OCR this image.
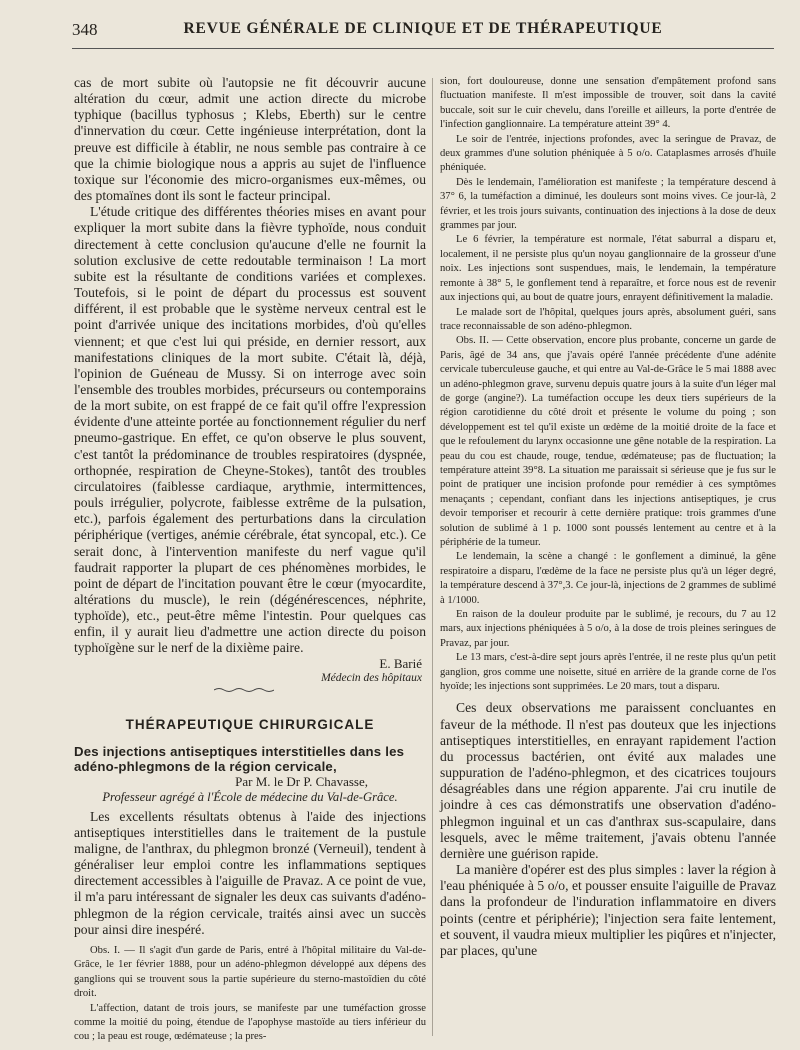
348	REVUE GÉNÉRALE DE CLINIQUE ET DE THÉRAPEUTIQUE

cas de mort subite où l'autopsie ne fit découvrir aucune altération du cœur, admit une action directe du microbe typhique (bacillus typhosus ; Klebs, Eberth) sur le centre d'innervation du cœur. Cette ingénieuse interprétation, dont la preuve est difficile à établir, ne nous semble pas contraire à ce que la chimie biologique nous a appris au sujet de l'influence toxique sur l'économie des micro-organismes eux-mêmes, ou des ptomaïnes dont ils sont le facteur principal.

L'étude critique des différentes théories mises en avant pour expliquer la mort subite dans la fièvre typhoïde, nous conduit directement à cette conclusion qu'aucune d'elle ne fournit la solution exclusive de cette redoutable terminaison ! La mort subite est la résultante de conditions variées et complexes. Toutefois, si le point de départ du processus est souvent différent, il est probable que le système nerveux central est le point d'arrivée unique des incitations morbides, d'où qu'elles viennent; et que c'est lui qui préside, en dernier ressort, aux manifestations cliniques de la mort subite. C'était là, déjà, l'opinion de Guéneau de Mussy. Si on interroge avec soin l'ensemble des troubles morbides, précurseurs ou contemporains de la mort subite, on est frappé de ce fait qu'il offre l'expression évidente d'une atteinte portée au fonctionnement régulier du nerf pneumo-gastrique. En effet, ce qu'on observe le plus souvent, c'est tantôt la prédominance de troubles respiratoires (dyspnée, orthopnée, respiration de Cheyne-Stokes), tantôt des troubles circulatoires (faiblesse cardiaque, arythmie, intermittences, pouls irrégulier, polycrote, faiblesse extrême de la pulsation, etc.), parfois également des perturbations dans la circulation périphérique (vertiges, anémie cérébrale, état syncopal, etc.). Ce serait donc, à l'intervention manifeste du nerf vague qu'il faudrait rapporter la plupart de ces phénomènes morbides, le point de départ de l'incitation pouvant être le cœur (myocardite, altérations du muscle), le rein (dégénérescences, néphrite, typhoïde), etc., peut-être même l'intestin. Pour quelques cas enfin, il y aurait lieu d'admettre une action directe du poison typhoïgène sur le nerf de la dixième paire.

E. Barié
Médecin des hôpitaux
THÉRAPEUTIQUE CHIRURGICALE

Des injections antiseptiques interstitielles dans les adéno-phlegmons de la région cervicale,

Par M. le Dr P. Chavasse,
Professeur agrégé à l'École de médecine du Val-de-Grâce.

Les excellents résultats obtenus à l'aide des injections antiseptiques interstitielles dans le traitement de la pustule maligne, de l'anthrax, du phlegmon bronzé (Verneuil), tendent à généraliser leur emploi contre les inflammations septiques directement accessibles à l'aiguille de Pravaz. A ce point de vue, il m'a paru intéressant de signaler les deux cas suivants d'adéno-phlegmon de la région cervicale, traités ainsi avec un succès pour ainsi dire inespéré.

Obs. I. — Il s'agit d'un garde de Paris, entré à l'hôpital militaire du Val-de-Grâce, le 1er février 1888, pour un adéno-phlegmon développé aux dépens des ganglions qui se trouvent sous la partie supérieure du sterno-mastoïdien du côté droit.

L'affection, datant de trois jours, se manifeste par une tuméfaction grosse comme la moitié du poing, étendue de l'apophyse mastoïde au tiers inférieur du cou ; la peau est rouge, œdémateuse ; la pres-

sion, fort douloureuse, donne une sensation d'empâtement profond sans fluctuation manifeste. Il m'est impossible de trouver, soit dans la cavité buccale, soit sur le cuir chevelu, dans l'oreille et ailleurs, la porte d'entrée de l'infection ganglionnaire. La température atteint 39° 4.

Le soir de l'entrée, injections profondes, avec la seringue de Pravaz, de deux grammes d'une solution phéniquée à 5 o/o. Cataplasmes arrosés d'huile phéniquée.

Dès le lendemain, l'amélioration est manifeste ; la température descend à 37° 6, la tuméfaction a diminué, les douleurs sont moins vives. Ce jour-là, 2 février, et les trois jours suivants, continuation des injections à la dose de deux grammes par jour.

Le 6 février, la température est normale, l'état saburral a disparu et, localement, il ne persiste plus qu'un noyau ganglionnaire de la grosseur d'une noix. Les injections sont suspendues, mais, le lendemain, la température remonte à 38° 5, le gonflement tend à reparaître, et force nous est de revenir aux injections qui, au bout de quatre jours, enrayent définitivement la maladie.

Le malade sort de l'hôpital, quelques jours après, absolument guéri, sans trace reconnaissable de son adéno-phlegmon.

Obs. II. — Cette observation, encore plus probante, concerne un garde de Paris, âgé de 34 ans, que j'avais opéré l'année précédente d'une adénite cervicale tuberculeuse gauche, et qui entre au Val-de-Grâce le 5 mai 1888 avec un adéno-phlegmon grave, survenu depuis quatre jours à la suite d'un léger mal de gorge (angine?). La tuméfaction occupe les deux tiers supérieurs de la région carotidienne du côté droit et présente le volume du poing ; son développement est tel qu'il existe un œdème de la moitié droite de la face et que le refoulement du larynx occasionne une gêne notable de la respiration. La peau du cou est chaude, rouge, tendue, œdémateuse; pas de fluctuation; la température atteint 39°8. La situation me paraissait si sérieuse que je fus sur le point de pratiquer une incision profonde pour remédier à ces symptômes menaçants ; cependant, confiant dans les injections antiseptiques, je crus devoir temporiser et recourir à cette dernière pratique: trois grammes d'une solution de sublimé à 1 p. 1000 sont poussés lentement au centre et à la périphérie de la tumeur.

Le lendemain, la scène a changé : le gonflement a diminué, la gêne respiratoire a disparu, l'œdème de la face ne persiste plus qu'à un léger degré, la température descend à 37°,3. Ce jour-là, injections de 2 grammes de sublimé à 1/1000.

En raison de la douleur produite par le sublimé, je recours, du 7 au 12 mars, aux injections phéniquées à 5 o/o, à la dose de trois pleines seringues de Pravaz, par jour.

Le 13 mars, c'est-à-dire sept jours après l'entrée, il ne reste plus qu'un petit ganglion, gros comme une noisette, situé en arrière de la grande corne de l'os hyoïde; les injections sont supprimées. Le 20 mars, tout a disparu.

Ces deux observations me paraissent concluantes en faveur de la méthode. Il n'est pas douteux que les injections antiseptiques interstitielles, en enrayant rapidement l'action du processus bactérien, ont évité aux malades une suppuration de l'adéno-phlegmon, et des cicatrices toujours désagréables dans une région apparente. J'ai cru inutile de joindre à ces cas démonstratifs une observation d'adéno-phlegmon inguinal et un cas d'anthrax sus-scapulaire, dans lesquels, avec le même traitement, j'avais obtenu l'année dernière une guérison rapide.

La manière d'opérer est des plus simples : laver la région à l'eau phéniquée à 5 o/o, et pousser ensuite l'aiguille de Pravaz dans la profondeur de l'induration inflammatoire en divers points (centre et périphérie); l'injection sera faite lentement, et souvent, il vaudra mieux multiplier les piqûres et n'injecter, par places, qu'une
